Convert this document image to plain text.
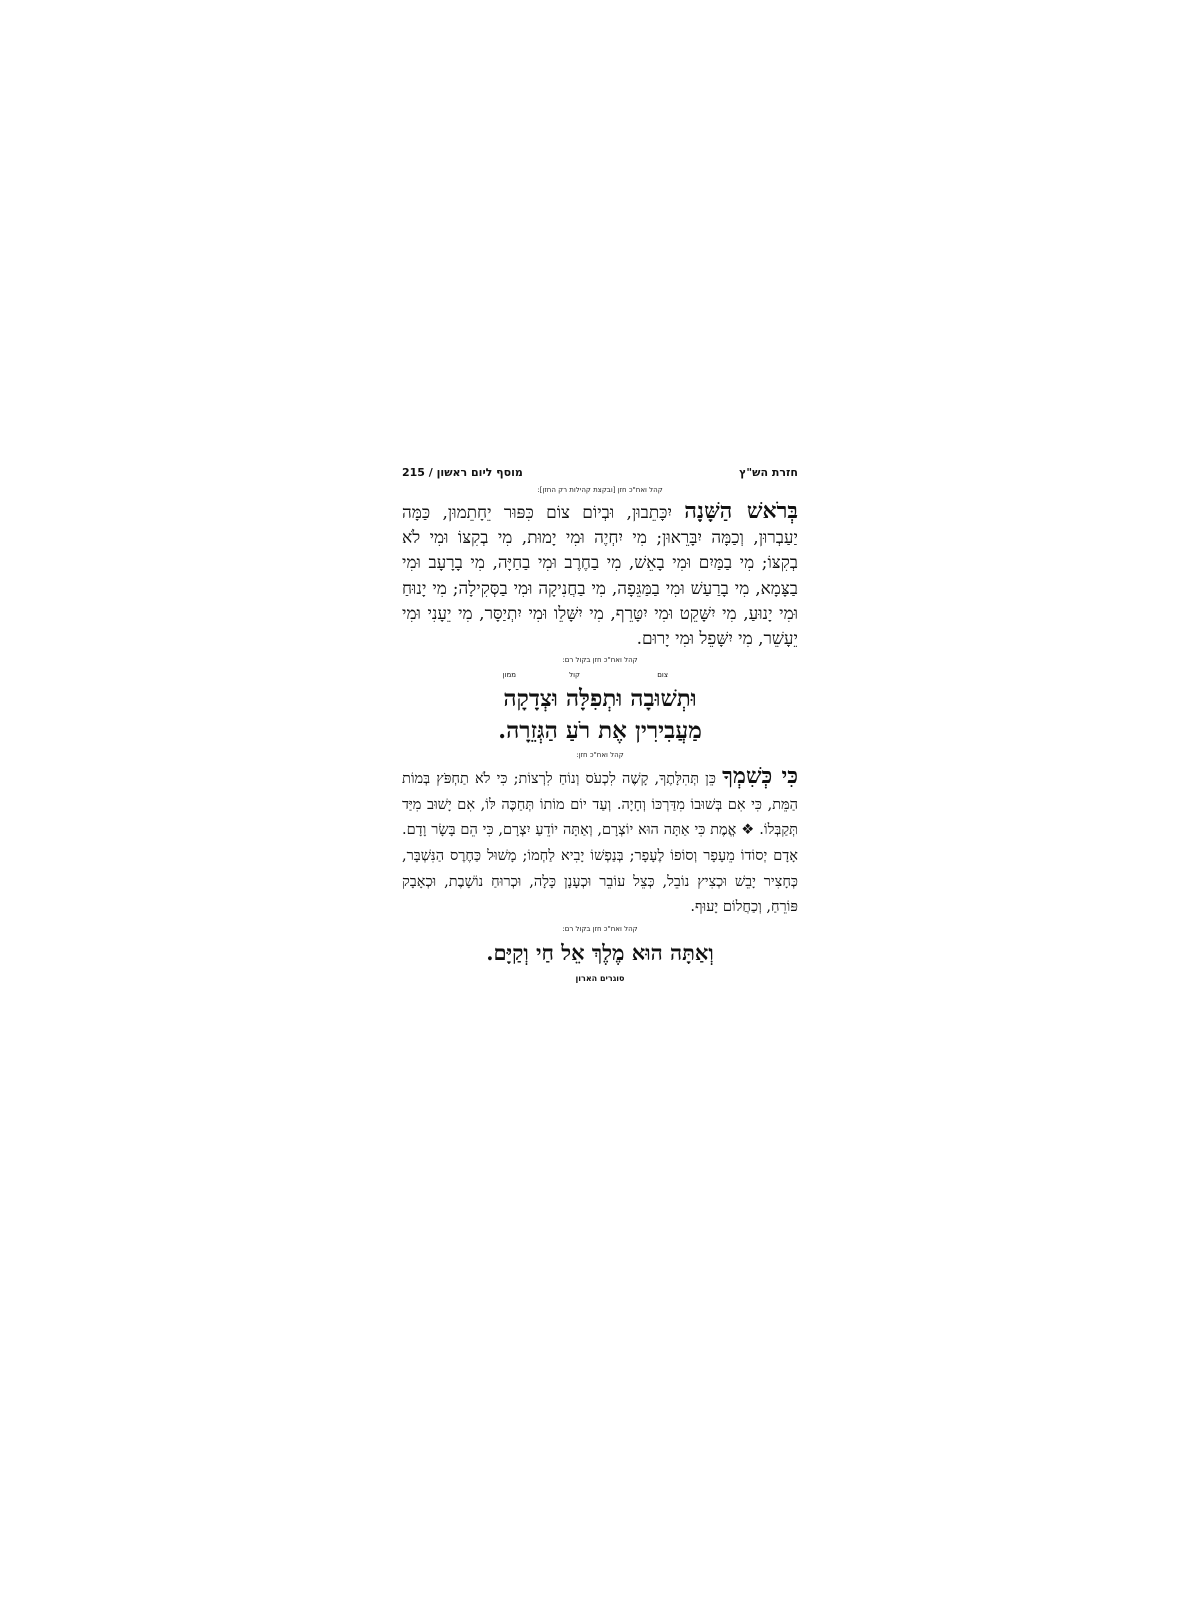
חזרת הש"ץ
מוסף ליום ראשון / 215
קהל ואח"כ חזן [ובקצת קהילות רק החזן]:

בְּרֹאשׁ הַשָּׁנָה יִכָּתֵבוּן, וּבְיוֹם צוֹם כִּפּוּר יֵחָתֵמוּן, כַּמָּה יַעַבְרוּן, וְכַמָּה יִבָּרֵאוּן; מִי יִחְיֶה וּמִי יָמוּת, מִי בְקִצּוֹ וּמִי לֹא בְקִצּוֹ; מִי בַמַּיִם וּמִי בָאֵשׁ, מִי בַחֶרֶב וּמִי בַחַיָּה, מִי בָרָעָב וּמִי בַצָּמָא, מִי בָרַעַשׁ וּמִי בַמַּגֵּפָה, מִי בַחֲנִיקָה וּמִי בַסְּקִילָה; מִי יָנוּחַ וּמִי יָנוּעַ, מִי יִשָּׁקֵט וּמִי יִטָּרֵף, מִי יִשָּׁלֵו וּמִי יִתְיַסָּר, מִי יֵעָנִי וּמִי יֵעָשֵׁר, מִי יִשָּׁפֵל וּמִי יָרוּם.

קהל ואח"כ חזן בקול רם:
צום
קול
ממון

וּתְשׁוּבָה וּתְפִלָּה וּצְדָקָה

מַעֲבִירִין אֶת רֹעַ הַגְּזֵרָה.

קהל ואח"כ חזן:

כִּי כְּשִׁמְךָ כֵּן תְּהִלָּתֶךָ, קָשֶׁה לִכְעֹס וְנוֹחַ לִרְצוֹת; כִּי לֹא תַחְפֹּץ בְּמוֹת הַמֵּת, כִּי אִם בְּשׁוּבוֹ מִדַּרְכּוֹ וְחָיָה. וְעַד יוֹם מוֹתוֹ תְּחַכֶּה לּוֹ, אִם יָשׁוּב מִיַּד תְּקַבְּלוֹ. ❖ אֱמֶת כִּי אַתָּה הוּא יוֹצְרָם, וְאַתָּה יוֹדֵעַ יִצְרָם, כִּי הֵם בָּשָׂר וָדָם. אָדָם יְסוֹדוֹ מֵעָפָר וְסוֹפוֹ לֶעָפָר; בְּנַפְשׁוֹ יָבִיא לַחְמוֹ; מָשׁוּל כַּחֶרֶס הַנִּשְׁבָּר, כְּחָצִיר יָבֵשׁ וּכְצִיץ נוֹבֵל, כְּצֵל עוֹבֵר וּכְעָנָן כָּלָה, וּכְרוּחַ נוֹשָׁבֶת, וּכְאָבָק פּוֹרֵחַ, וְכַחֲלוֹם יָעוּף.

קהל ואח"כ חזן בקול רם:

וְאַתָּה הוּא מֶלֶךְ אֵל חַי וְקַיָּם.

סוגרים הארון
